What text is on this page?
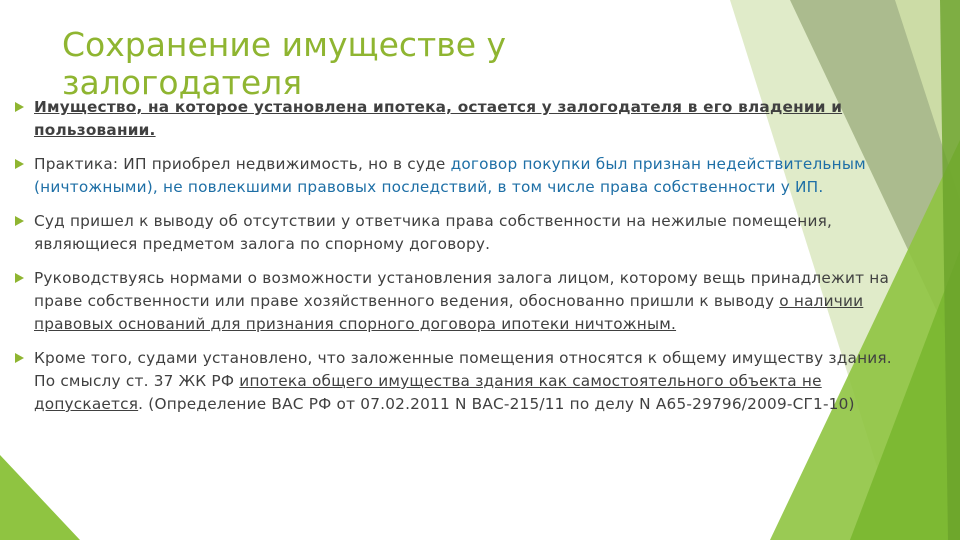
Сохранение имуществе у залогодателя
Имущество, на которое установлена ипотека, остается у залогодателя в его владении и пользовании.
Практика: ИП приобрел недвижимость, но в суде договор покупки был признан недействительным (ничтожными), не повлекшими правовых последствий, в том числе права собственности у ИП.
Суд пришел к выводу об отсутствии у ответчика права собственности на нежилые помещения, являющиеся предметом залога по спорному договору.
Руководствуясь нормами о возможности установления залога лицом, которому вещь принадлежит на праве собственности или праве хозяйственного ведения, обоснованно пришли к выводу о наличии правовых оснований для признания спорного договора ипотеки ничтожным.
Кроме того, судами установлено, что заложенные помещения относятся к общему имуществу здания. По смыслу ст. 37 ЖК РФ ипотека общего имущества здания как самостоятельного объекта не допускается. (Определение ВАС РФ от 07.02.2011 N ВАС-215/11 по делу N А65-29796/2009-СГ1-10)
